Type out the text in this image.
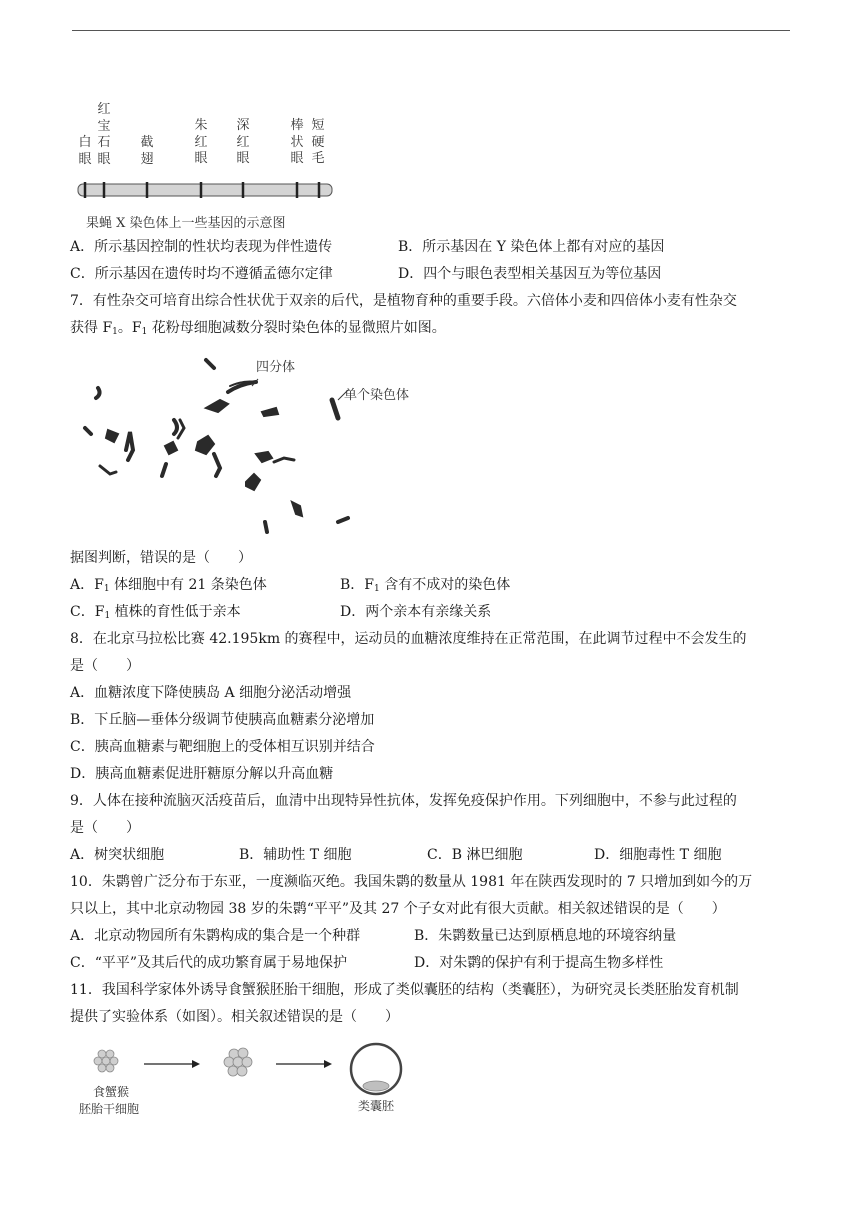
白眼
红宝石眼
截翅
朱红眼
深红眼
棒状眼
短硬毛
果蝇 X 染色体上一些基因的示意图
A．所示基因控制的性状均表现为伴性遗传	B．所示基因在 Y 染色体上都有对应的基因
C．所示基因在遗传时均不遵循孟德尔定律	D．四个与眼色表型相关基因互为等位基因
7．有性杂交可培育出综合性状优于双亲的后代，是植物育种的重要手段。六倍体小麦和四倍体小麦有性杂交
获得 $F_1$。$F_1$ 花粉母细胞减数分裂时染色体的显微照片如图。
四分体
单个染色体
据图判断，错误的是（　　）
A．$F_1$ 体细胞中有 21 条染色体	B．$F_1$ 含有不成对的染色体
C．$F_1$ 植株的育性低于亲本	D．两个亲本有亲缘关系
8．在北京马拉松比赛 42.195km 的赛程中，运动员的血糖浓度维持在正常范围，在此调节过程中不会发生的
是（　　）
A．血糖浓度下降使胰岛 A 细胞分泌活动增强
B．下丘脑—垂体分级调节使胰高血糖素分泌增加
C．胰高血糖素与靶细胞上的受体相互识别并结合
D．胰高血糖素促进肝糖原分解以升高血糖
9．人体在接种流脑灭活疫苗后，血清中出现特异性抗体，发挥免疫保护作用。下列细胞中，不参与此过程的
是（　　）
A．树突状细胞	B．辅助性 T 细胞	C．B 淋巴细胞	D．细胞毒性 T 细胞
10．朱鹮曾广泛分布于东亚，一度濒临灭绝。我国朱鹮的数量从 1981 年在陕西发现时的 7 只增加到如今的万
只以上，其中北京动物园 38 岁的朱鹮“平平”及其 27 个子女对此有很大贡献。相关叙述错误的是（　　）
A．北京动物园所有朱鹮构成的集合是一个种群	B．朱鹮数量已达到原栖息地的环境容纳量
C．“平平”及其后代的成功繁育属于易地保护	D．对朱鹮的保护有利于提高生物多样性
11．我国科学家体外诱导食蟹猴胚胎干细胞，形成了类似囊胚的结构（类囊胚），为研究灵长类胚胎发育机制
提供了实验体系（如图）。相关叙述错误的是（　　）
食蟹猴
胚胎干细胞	类囊胚
